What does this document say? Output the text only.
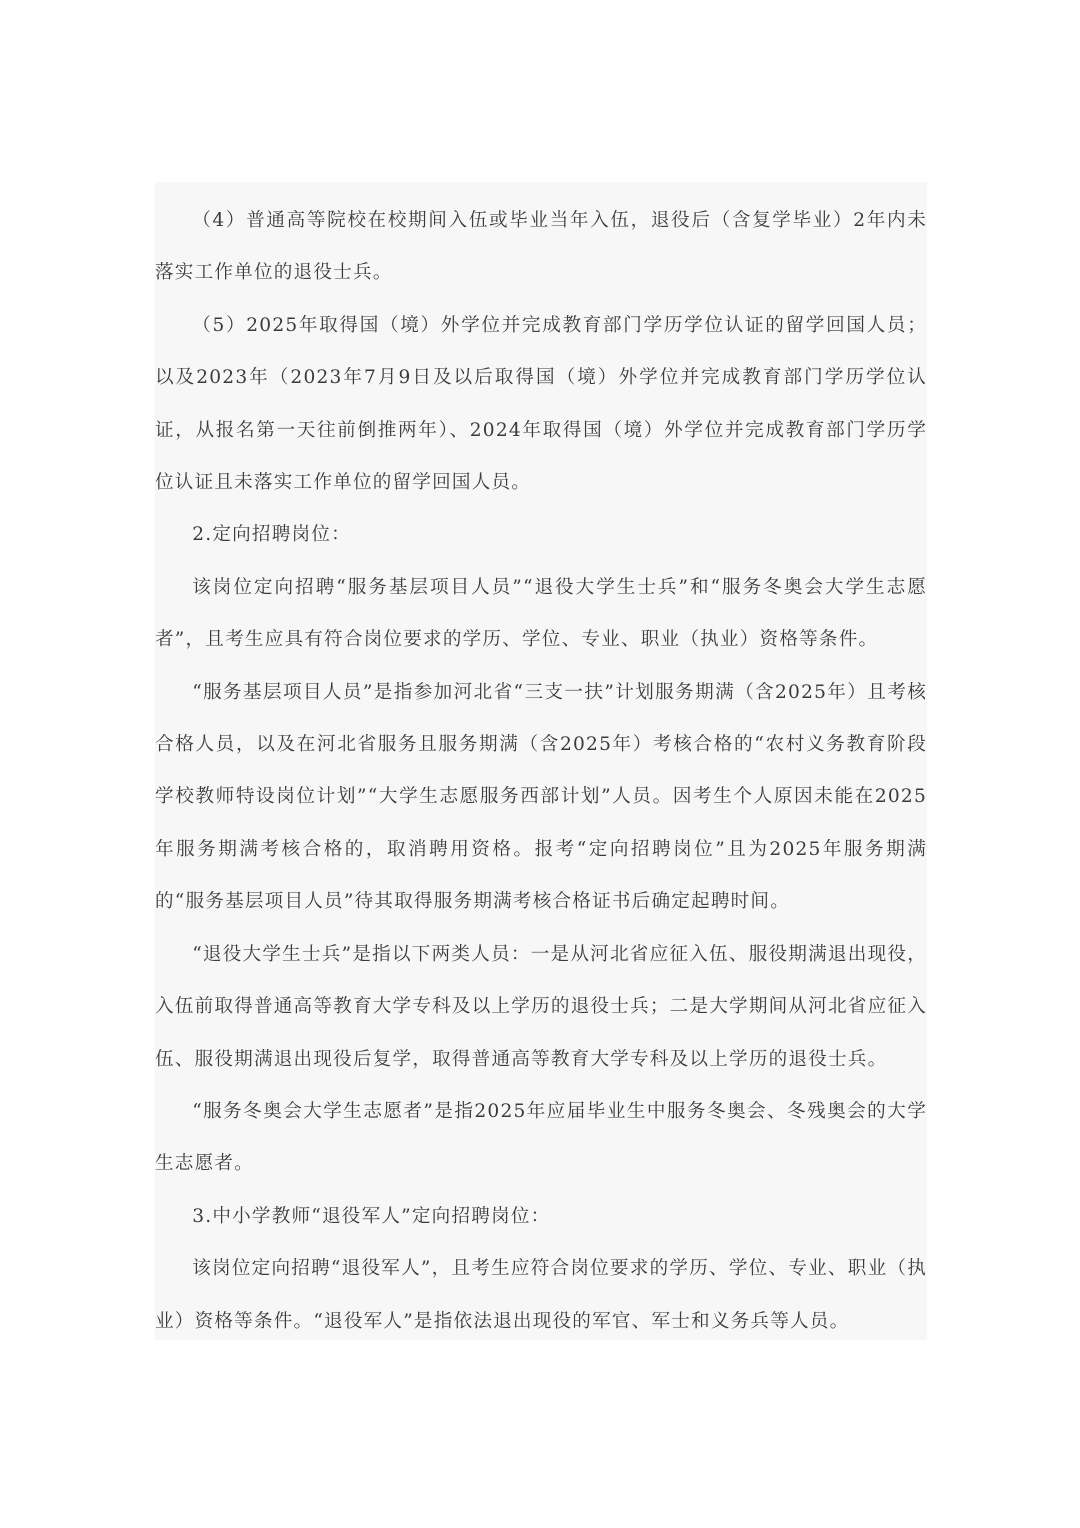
（4）普通高等院校在校期间入伍或毕业当年入伍，退役后（含复学毕业）2年内未落实工作单位的退役士兵。

（5）2025年取得国（境）外学位并完成教育部门学历学位认证的留学回国人员；以及2023年（2023年7月9日及以后取得国（境）外学位并完成教育部门学历学位认证，从报名第一天往前倒推两年）、2024年取得国（境）外学位并完成教育部门学历学位认证且未落实工作单位的留学回国人员。

2.定向招聘岗位：

该岗位定向招聘“服务基层项目人员”“退役大学生士兵”和“服务冬奥会大学生志愿者”，且考生应具有符合岗位要求的学历、学位、专业、职业（执业）资格等条件。

“服务基层项目人员”是指参加河北省“三支一扶”计划服务期满（含2025年）且考核合格人员，以及在河北省服务且服务期满（含2025年）考核合格的“农村义务教育阶段学校教师特设岗位计划”“大学生志愿服务西部计划”人员。因考生个人原因未能在2025年服务期满考核合格的，取消聘用资格。报考“定向招聘岗位”且为2025年服务期满的“服务基层项目人员”待其取得服务期满考核合格证书后确定起聘时间。

“退役大学生士兵”是指以下两类人员：一是从河北省应征入伍、服役期满退出现役，入伍前取得普通高等教育大学专科及以上学历的退役士兵；二是大学期间从河北省应征入伍、服役期满退出现役后复学，取得普通高等教育大学专科及以上学历的退役士兵。

“服务冬奥会大学生志愿者”是指2025年应届毕业生中服务冬奥会、冬残奥会的大学生志愿者。

3.中小学教师“退役军人”定向招聘岗位：

该岗位定向招聘“退役军人”，且考生应符合岗位要求的学历、学位、专业、职业（执业）资格等条件。“退役军人”是指依法退出现役的军官、军士和义务兵等人员。
